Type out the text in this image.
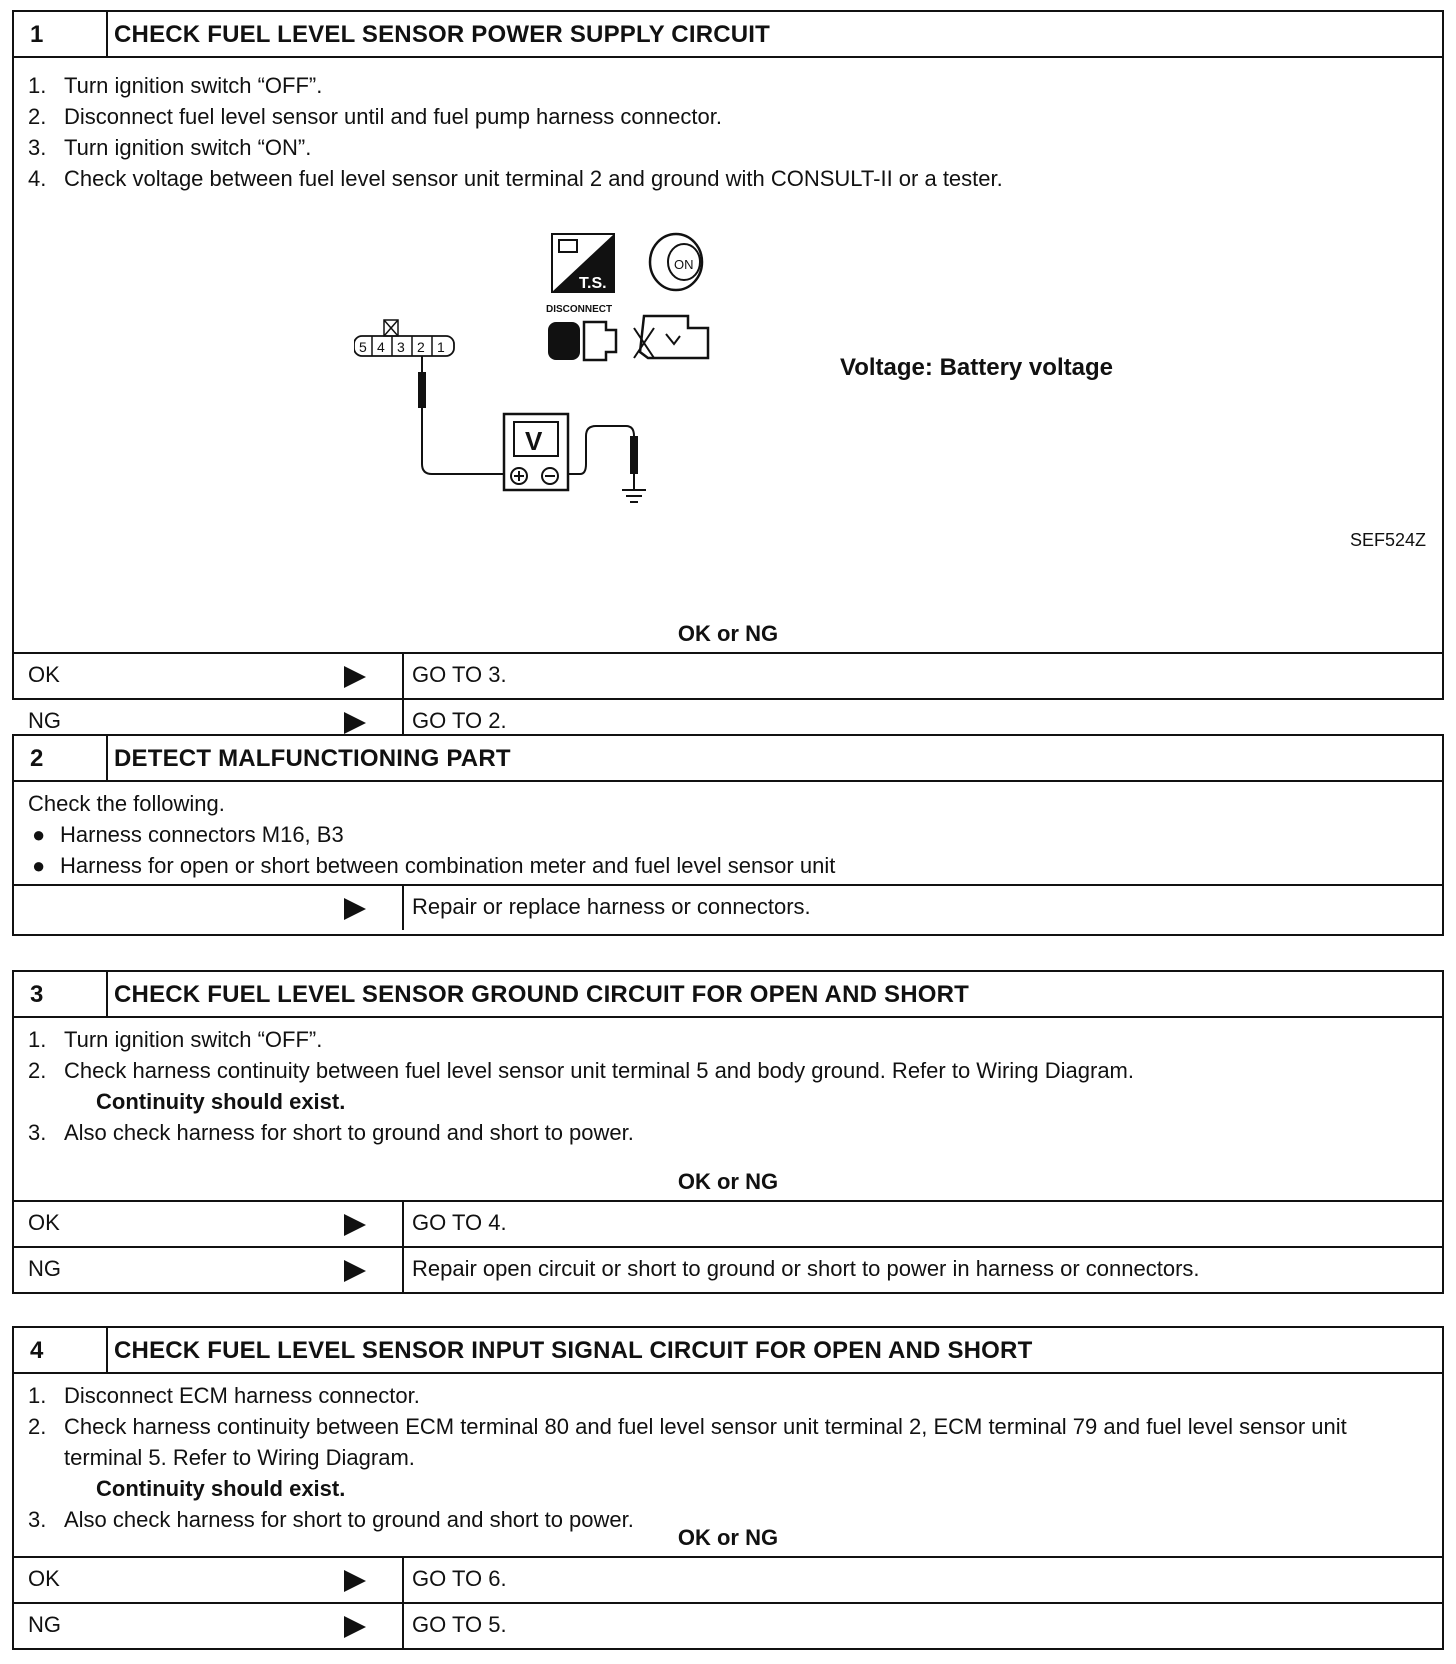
1	CHECK FUEL LEVEL SENSOR POWER SUPPLY CIRCUIT
1. Turn ignition switch “OFF”.
2. Disconnect fuel level sensor until and fuel pump harness connector.
3. Turn ignition switch “ON”.
4. Check voltage between fuel level sensor unit terminal 2 and ground with CONSULT-II or a tester.
T.S.
ON
DISCONNECT
5 4 3 2 1
V
Voltage: Battery voltage
SEF524Z
OK or NG
OK	GO TO 3.
NG	GO TO 2.
2	DETECT MALFUNCTIONING PART
Check the following.
● Harness connectors M16, B3
● Harness for open or short between combination meter and fuel level sensor unit
Repair or replace harness or connectors.
3	CHECK FUEL LEVEL SENSOR GROUND CIRCUIT FOR OPEN AND SHORT
1. Turn ignition switch “OFF”.
2. Check harness continuity between fuel level sensor unit terminal 5 and body ground. Refer to Wiring Diagram.
Continuity should exist.
3. Also check harness for short to ground and short to power.
OK or NG
OK	GO TO 4.
NG	Repair open circuit or short to ground or short to power in harness or connectors.
4	CHECK FUEL LEVEL SENSOR INPUT SIGNAL CIRCUIT FOR OPEN AND SHORT
1. Disconnect ECM harness connector.
2. Check harness continuity between ECM terminal 80 and fuel level sensor unit terminal 2, ECM terminal 79 and fuel level sensor unit terminal 5. Refer to Wiring Diagram.
Continuity should exist.
3. Also check harness for short to ground and short to power.
OK or NG
OK	GO TO 6.
NG	GO TO 5.
